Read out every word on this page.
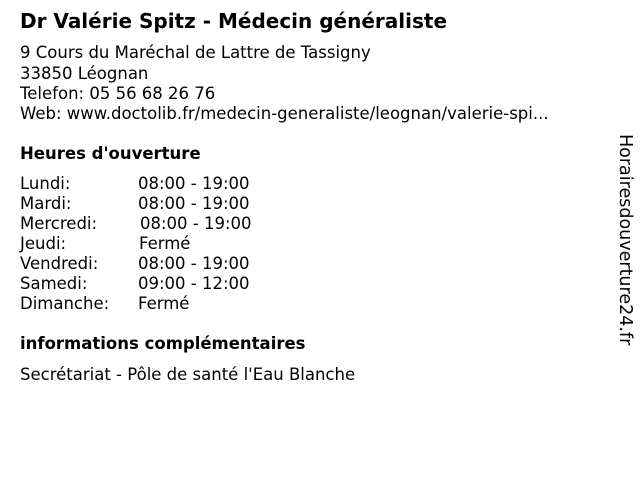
Dr Valérie Spitz - Médecin généraliste
9 Cours du Maréchal de Lattre de Tassigny
33850 Léognan
Telefon: 05 56 68 26 76
Web: www.doctolib.fr/medecin-generaliste/leognan/valerie-spi...
Heures d'ouverture
Lundi:	08:00 - 19:00
Mardi:	08:00 - 19:00
Mercredi:	08:00 - 19:00
Jeudi:	Fermé
Vendredi: 08:00 - 19:00
Samedi:	09:00 - 12:00
Dimanche: Fermé
informations complémentaires
Secrétariat - Pôle de santé l'Eau Blanche
Horairesdouverture24.fr
